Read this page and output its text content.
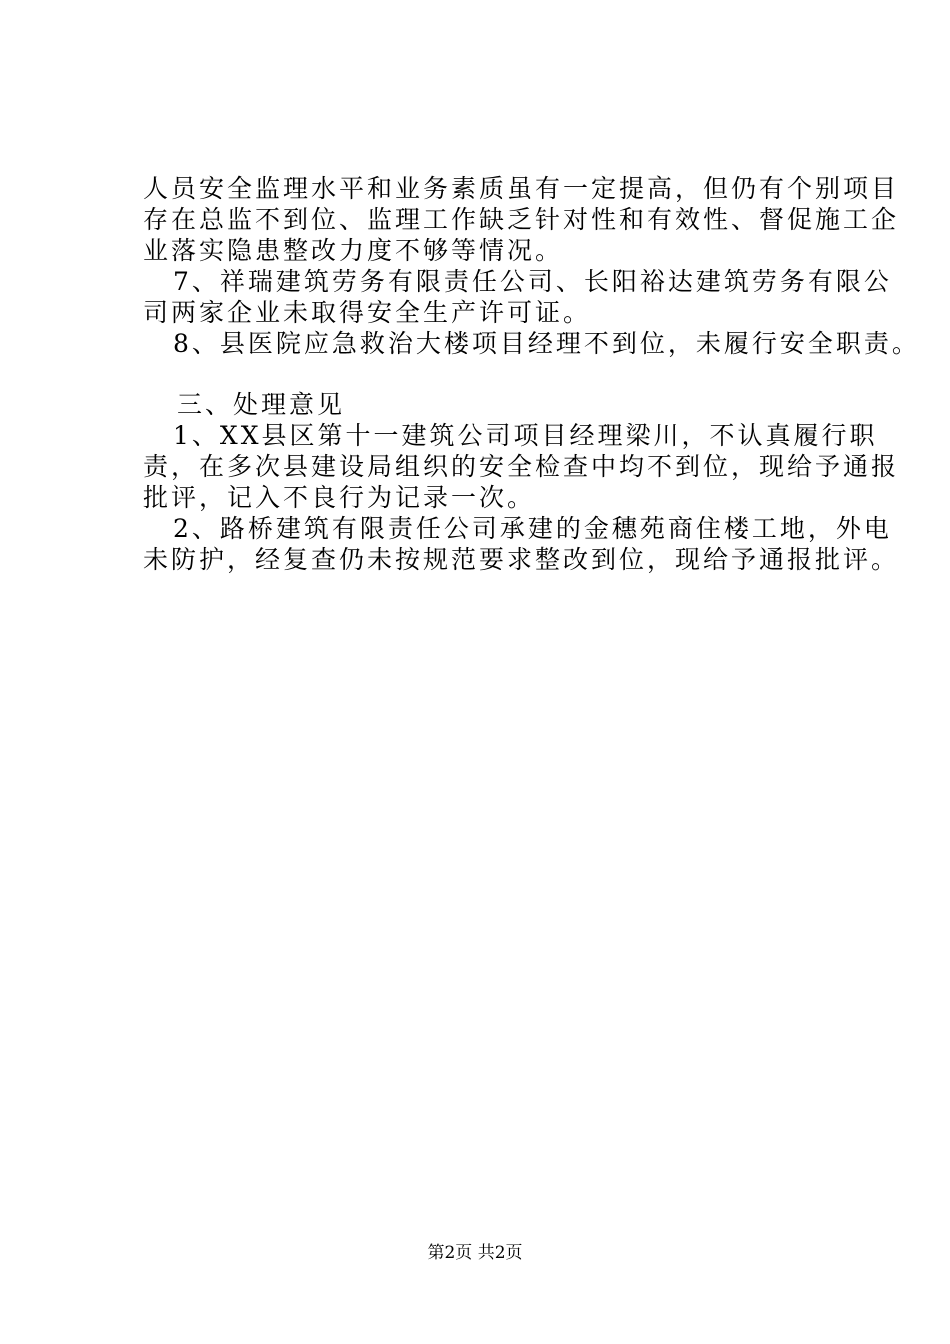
人员安全监理水平和业务素质虽有一定提高，但仍有个别项目
存在总监不到位、监理工作缺乏针对性和有效性、督促施工企
业落实隐患整改力度不够等情况。
7、祥瑞建筑劳务有限责任公司、长阳裕达建筑劳务有限公
司两家企业未取得安全生产许可证。
8、县医院应急救治大楼项目经理不到位，未履行安全职责。
三、处理意见
1、XX县区第十一建筑公司项目经理梁川，不认真履行职
责，在多次县建设局组织的安全检查中均不到位，现给予通报
批评，记入不良行为记录一次。
2、路桥建筑有限责任公司承建的金穗苑商住楼工地，外电
未防护，经复查仍未按规范要求整改到位，现给予通报批评。
第2页 共2页
